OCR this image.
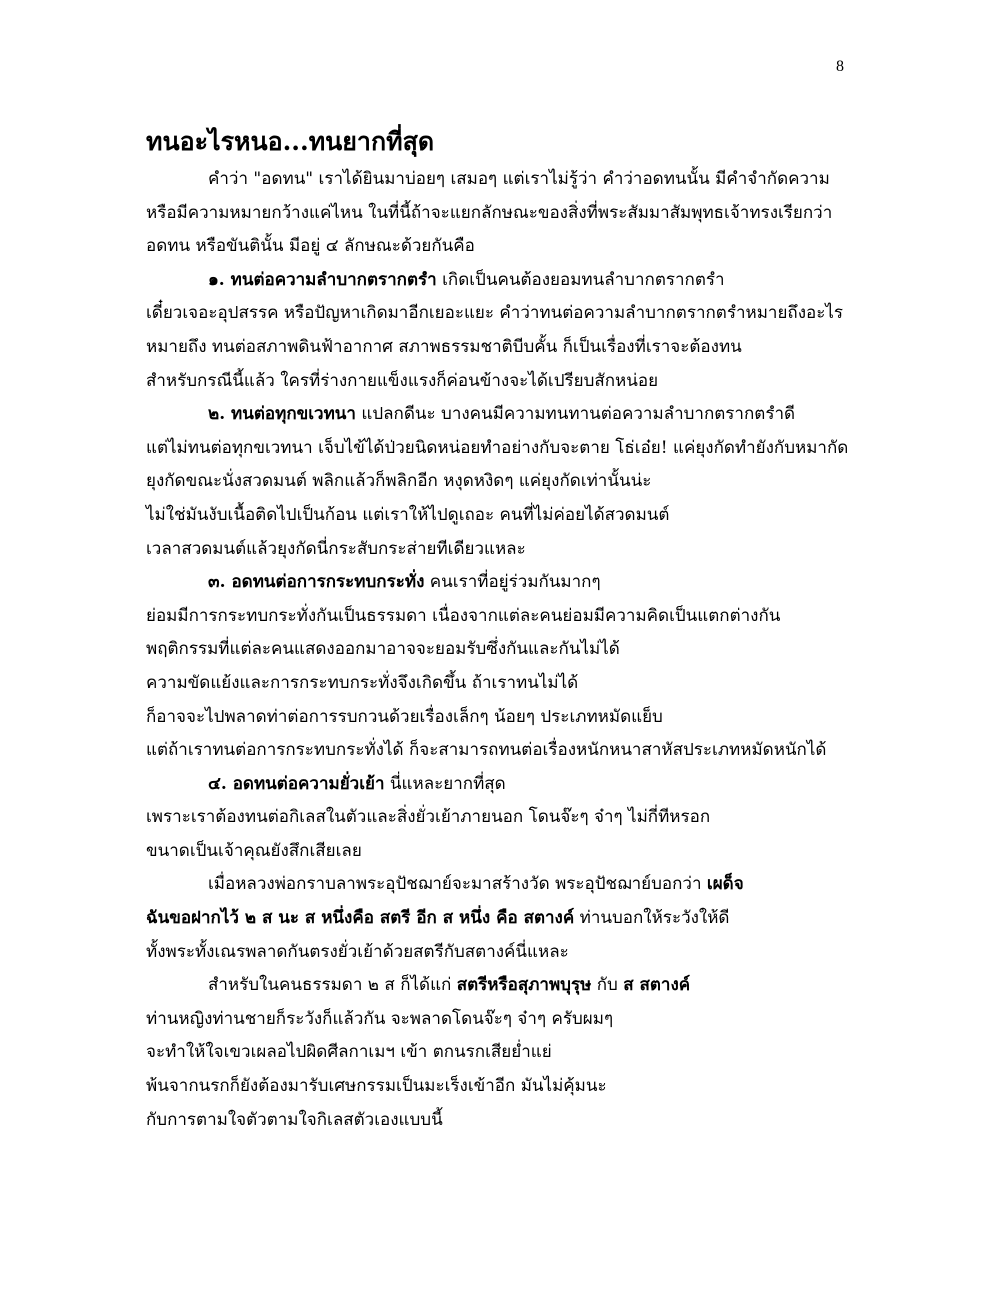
8
ทนอะไรหนอ...ทนยากที่สุด
คำว่า "อดทน" เราได้ยินมาบ่อยๆ เสมอๆ แต่เราไม่รู้ว่า คำว่าอดทนนั้น มีคำจำกัดความ
หรือมีความหมายกว้างแค่ไหน ในที่นี้ถ้าจะแยกลักษณะของสิ่งที่พระสัมมาสัมพุทธเจ้าทรงเรียกว่า
อดทน หรือขันตินั้น มีอยู่ ๔ ลักษณะด้วยกันคือ
๑. ทนต่อความลำบากตรากตรำ เกิดเป็นคนต้องยอมทนลำบากตรากตรำ
เดี๋ยวเจอะอุปสรรค หรือปัญหาเกิดมาอีกเยอะแยะ คำว่าทนต่อความลำบากตรากตรำหมายถึงอะไร
หมายถึง ทนต่อสภาพดินฟ้าอากาศ สภาพธรรมชาติบีบคั้น ก็เป็นเรื่องที่เราจะต้องทน
สำหรับกรณีนี้แล้ว ใครที่ร่างกายแข็งแรงก็ค่อนข้างจะได้เปรียบสักหน่อย
๒. ทนต่อทุกขเวทนา แปลกดีนะ บางคนมีความทนทานต่อความลำบากตรากตรำดี
แต่ไม่ทนต่อทุกขเวทนา เจ็บไข้ได้ป่วยนิดหน่อยทำอย่างกับจะตาย โธ่เอ๋ย! แค่ยุงกัดทำยังกับหมากัด
ยุงกัดขณะนั่งสวดมนต์ พลิกแล้วก็พลิกอีก หงุดหงิดๆ แค่ยุงกัดเท่านั้นน่ะ
ไม่ใช่มันงับเนื้อติดไปเป็นก้อน แต่เราให้ไปดูเถอะ คนที่ไม่ค่อยได้สวดมนต์
เวลาสวดมนต์แล้วยุงกัดนี่กระสับกระส่ายทีเดียวแหละ
๓. อดทนต่อการกระทบกระทั่ง คนเราที่อยู่ร่วมกันมากๆ
ย่อมมีการกระทบกระทั่งกันเป็นธรรมดา เนื่องจากแต่ละคนย่อมมีความคิดเป็นแตกต่างกัน
พฤติกรรมที่แต่ละคนแสดงออกมาอาจจะยอมรับซึ่งกันและกันไม่ได้
ความขัดแย้งและการกระทบกระทั่งจึงเกิดขึ้น ถ้าเราทนไม่ได้
ก็อาจจะไปพลาดท่าต่อการรบกวนด้วยเรื่องเล็กๆ น้อยๆ ประเภทหมัดแย็บ
แต่ถ้าเราทนต่อการกระทบกระทั่งได้ ก็จะสามารถทนต่อเรื่องหนักหนาสาหัสประเภทหมัดหนักได้
๔. อดทนต่อความยั่วเย้า นี่แหละยากที่สุด
เพราะเราต้องทนต่อกิเลสในตัวและสิ่งยั่วเย้าภายนอก โดนจ๊ะๆ จ๋าๆ ไม่กี่ทีหรอก
ขนาดเป็นเจ้าคุณยังสึกเสียเลย
เมื่อหลวงพ่อกราบลาพระอุปัชฌาย์จะมาสร้างวัด พระอุปัชฌาย์บอกว่า เผด็จ
ฉันขอฝากไว้ ๒ ส นะ ส หนึ่งคือ สตรี อีก ส หนึ่ง คือ สตางค์ ท่านบอกให้ระวังให้ดี
ทั้งพระทั้งเณรพลาดกันตรงยั่วเย้าด้วยสตรีกับสตางค์นี่แหละ
สำหรับในคนธรรมดา ๒ ส ก็ได้แก่ สตรีหรือสุภาพบุรุษ กับ ส สตางค์
ท่านหญิงท่านชายก็ระวังก็แล้วกัน จะพลาดโดนจ๊ะๆ จ๋าๆ ครับผมๆ
จะทำให้ใจเขวเผลอไปผิดศีลกาเมฯ เข้า ตกนรกเสียย่ำแย่
พ้นจากนรกก็ยังต้องมารับเศษกรรมเป็นมะเร็งเข้าอีก มันไม่คุ้มนะ
กับการตามใจตัวตามใจกิเลสตัวเองแบบนี้
